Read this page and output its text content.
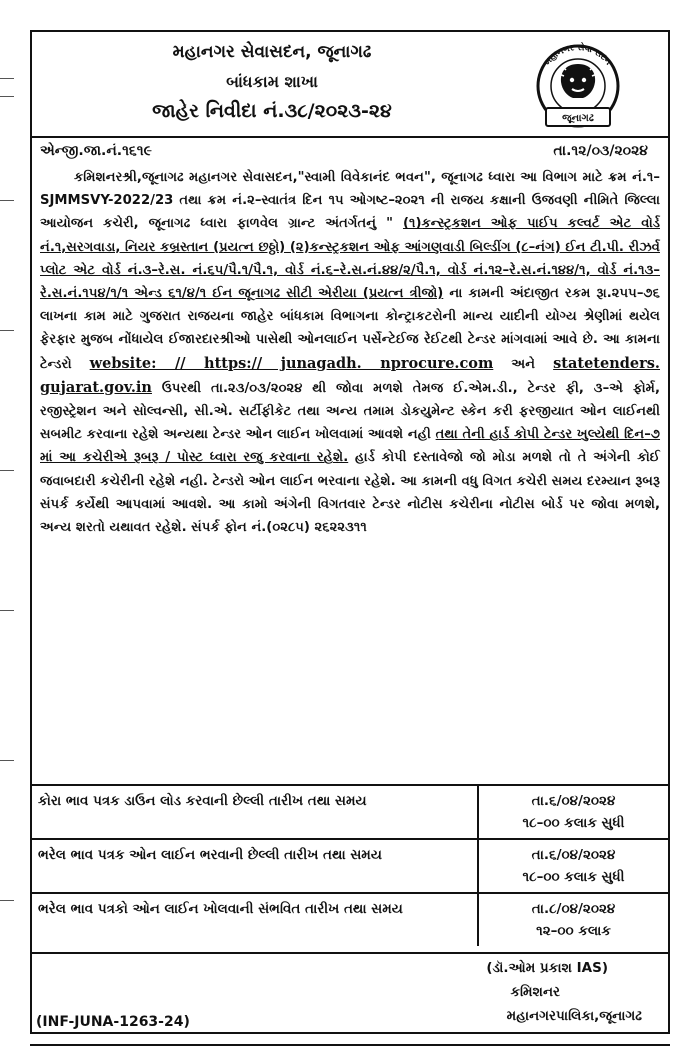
મહાનગર સેવાસદન, જૂનાગઢ
બાંધકામ શાખા
જાહેર નિવીદા નં.૩૮/૨૦૨૩-૨૪
મહાનગર સેવા સદન
જૂનાગઢ
એન્જી.જા.નં.૧૬૧૯	તા.૧૨/૦૩/૨૦૨૪

કમિશનરશ્રી,જૂનાગઢ મહાનગર સેવાસદન,"સ્વામી વિવેકાનંદ ભવન", જૂનાગઢ ધ્વારા આ વિભાગ માટે ક્રમ નં.૧–SJMMSVY-2022/23 તથા ક્રમ નં.૨–સ્વાતંત્ર દિન ૧૫ ઓગષ્ટ–૨૦૨૧ ની રાજય કક્ષાની ઉજવણી નીમિતે જિલ્લા આયોજન કચેરી, જૂનાગઢ ધ્વારા ફાળવેલ ગ્રાન્ટ અંતર્ગતનું " (૧)કન્સ્ટ્રકશન ઓફ પાઈપ કલ્વર્ટ એટ વોર્ડ નં.૧,સરગવાડા, નિયર કબ્રસ્તાન (પ્રયત્ન છઠ્ઠો) (૨)કન્સ્ટ્રકશન ઓફ આંગણવાડી બિલ્ડીંગ (૮–નંગ) ઈન ટી.પી. રીઝર્વ પ્લોટ એટ વોર્ડ નં.૩–રે.સ. નં.૬૫/પૈ.૧/પૈ.૧, વોર્ડ નં.૬–રે.સ.નં.૪૪/૨/પૈ.૧, વોર્ડ નં.૧૨–રે.સ.નં.૧૪૪/૧, વોર્ડ નં.૧૩–રે.સ.નં.૧૫૪/૧/૧ એન્ડ ૬૧/૪/૧ ઈન જૂનાગઢ સીટી એરીયા (પ્રયત્ન ત્રીજો) ના કામની અંદાજીત રકમ રૂા.૨૫૫–૭૬ લાખના કામ માટે ગુજરાત રાજયના જાહેર બાંધકામ વિભાગના કોન્ટ્રાકટરોની માન્ય યાદીની યોગ્ય શ્રેણીમાં થયેલ ફેરફાર મુજબ નોંધાયેલ ઈજારદારશ્રીઓ પાસેથી ઓનલાઈન પર્સેન્ટેઈજ રેઈટથી ટેન્ડર માંગવામાં આવે છે. આ કામના ટેન્ડરો website: // https:// junagadh. nprocure.com અને statetenders. gujarat.gov.in ઉપરથી તા.૨૩/૦૩/૨૦૨૪ થી જોવા મળશે તેમજ ઈ.એમ.ડી., ટેન્ડર ફી, ૩–એ ફોર્મ, રજીસ્ટ્રેશન અને સોલ્વન્સી, સી.એ. સર્ટીફીકેટ તથા અન્ય તમામ ડોકયુમેન્ટ સ્કેન કરી ફરજીયાત ઓન લાઈનથી સબમીટ કરવાના રહેશે અન્યથા ટેન્ડર ઓન લાઈન ખોલવામાં આવશે નહી તથા તેની હાર્ડ કોપી ટેન્ડર ખુલ્યેથી દિન–૭ માં આ કચેરીએ રૂબરૂ / પોસ્ટ ધ્વારા રજુ કરવાના રહેશે. હાર્ડ કોપી દસ્તાવેજો જો મોડા મળશે તો તે અંગેની કોઈ જવાબદારી કચેરીની રહેશે નહી. ટેન્ડરો ઓન લાઈન ભરવાના રહેશે. આ કામની વધુ વિગત કચેરી સમય દરમ્યાન રૂબરૂ સંપર્ક કર્યેથી આપવામાં આવશે. આ કામો અંગેની વિગતવાર ટેન્ડર નોટીસ કચેરીના નોટીસ બોર્ડ પર જોવા મળશે, અન્ય શરતો યથાવત રહેશે. સંપર્ક ફોન નં.(૦૨૮૫) ૨૬૨૨૩૧૧

કોરા ભાવ પત્રક ડાઉન લોડ કરવાની છેલ્લી તારીખ તથા સમય	તા.૬/૦૪/૨૦૨૪
૧૮–૦૦ કલાક સુધી

ભરેલ ભાવ પત્રક ઓન લાઈન ભરવાની છેલ્લી તારીખ તથા સમય	તા.૬/૦૪/૨૦૨૪
૧૮–૦૦ કલાક સુધી

ભરેલ ભાવ પત્રકો ઓન લાઈન ખોલવાની સંભવિત તારીખ તથા સમય	તા.૮/૦૪/૨૦૨૪
૧૨–૦૦ કલાક
(ડૉ.ઓમ પ્રકાશ IAS)
કમિશનર
મહાનગરપાલિકા,જૂનાગઢ
(INF-JUNA-1263-24)
